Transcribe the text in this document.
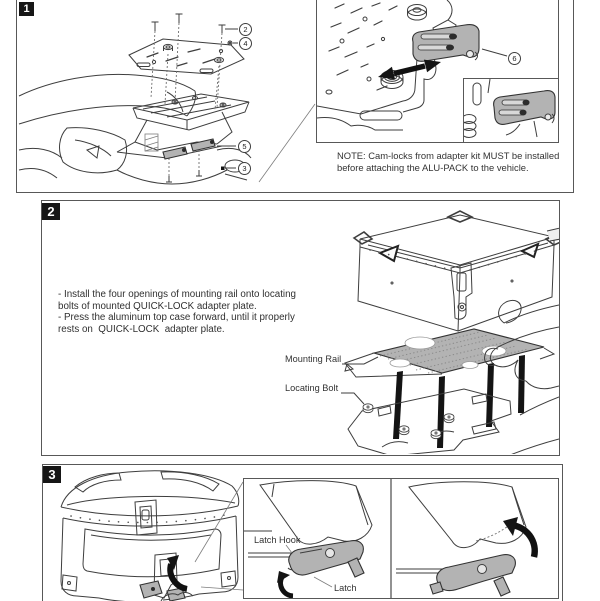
1
2
4
5
3
6
NOTE: Cam-locks from adapter kit MUST be installed
before attaching the ALU-PACK to the vehicle.
2
- Install the four openings of mounting rail onto locating
bolts of mounted QUICK-LOCK adapter plate.
- Press the aluminum top case forward, until it properly
rests on  QUICK-LOCK  adapter plate.
Mounting Rail
Locating Bolt
3
Latch Hook
Latch
